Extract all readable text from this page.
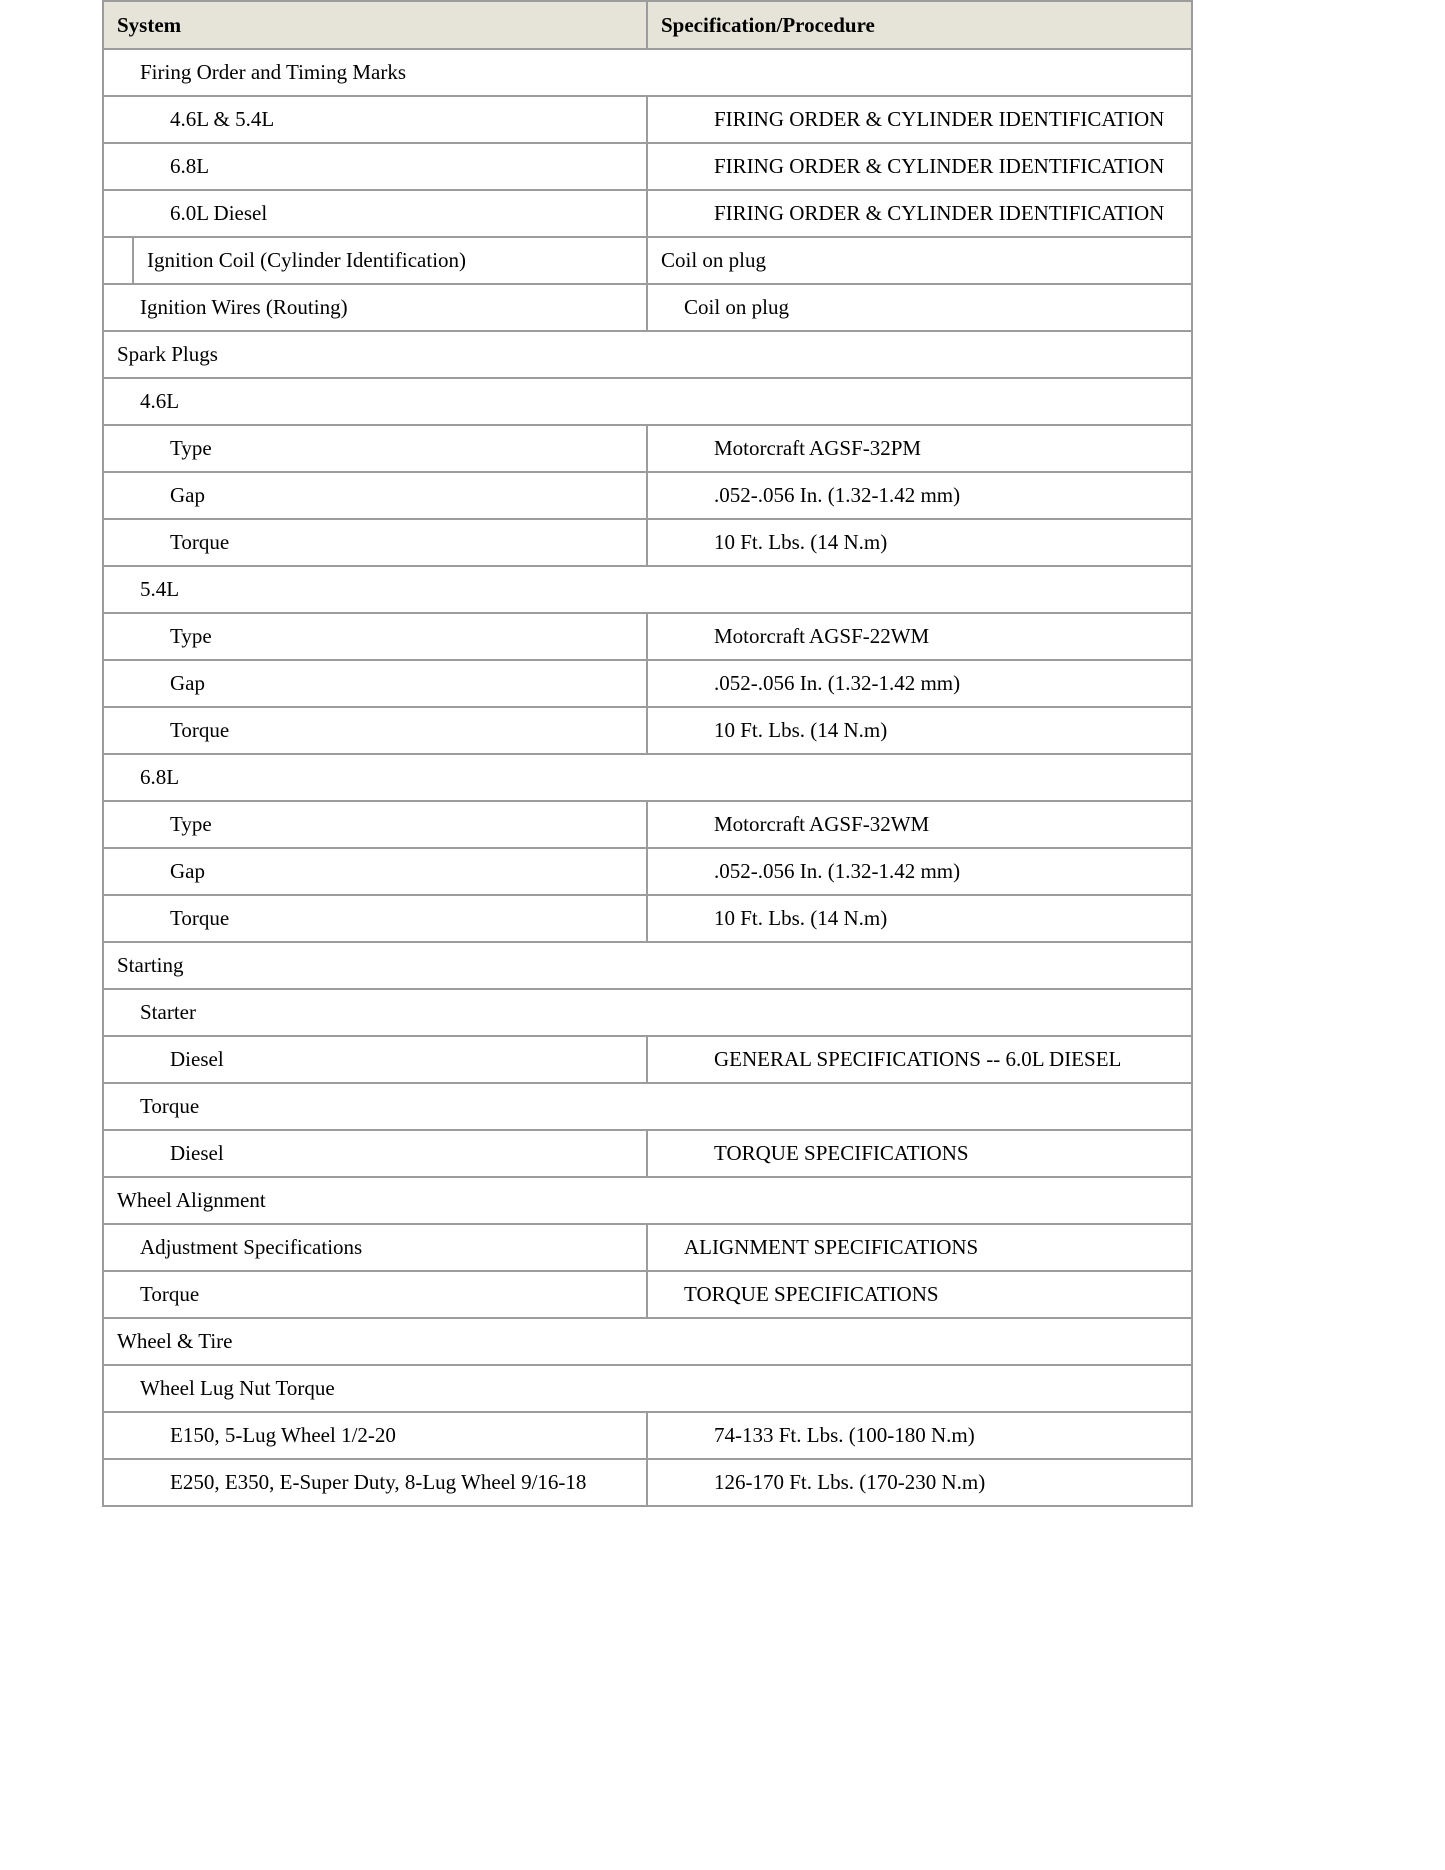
System	Specification/Procedure
Firing Order and Timing Marks	
4.6L & 5.4L	FIRING ORDER & CYLINDER IDENTIFICATION
6.8L	FIRING ORDER & CYLINDER IDENTIFICATION
6.0L Diesel	FIRING ORDER & CYLINDER IDENTIFICATION

Ignition Coil (Cylinder Identification)	Coil on plug
Ignition Wires (Routing)	Coil on plug
Spark Plugs	
4.6L	
Type	Motorcraft AGSF-32PM
Gap	.052-.056 In. (1.32-1.42 mm)
Torque	10 Ft. Lbs. (14 N.m)
5.4L	
Type	Motorcraft AGSF-22WM
Gap	.052-.056 In. (1.32-1.42 mm)
Torque	10 Ft. Lbs. (14 N.m)
6.8L	
Type	Motorcraft AGSF-32WM
Gap	.052-.056 In. (1.32-1.42 mm)
Torque	10 Ft. Lbs. (14 N.m)
Starting	
Starter	
Diesel	GENERAL SPECIFICATIONS -- 6.0L DIESEL
Torque	
Diesel	TORQUE SPECIFICATIONS
Wheel Alignment	
Adjustment Specifications	ALIGNMENT SPECIFICATIONS
Torque	TORQUE SPECIFICATIONS
Wheel & Tire	
Wheel Lug Nut Torque	
E150, 5-Lug Wheel 1/2-20	74-133 Ft. Lbs. (100-180 N.m)
E250, E350, E-Super Duty, 8-Lug Wheel 9/16-18	126-170 Ft. Lbs. (170-230 N.m)
